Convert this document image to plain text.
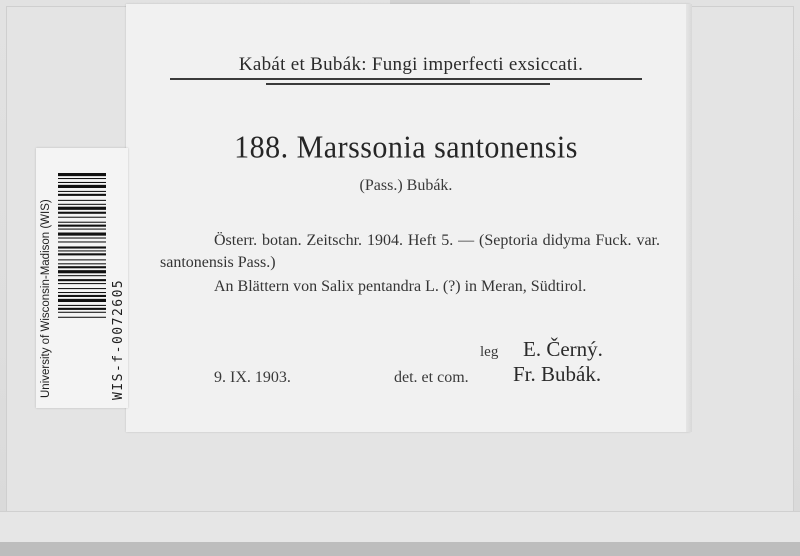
Kabát et Bubák: Fungi imperfecti exsiccati.
188. Marssonia santonensis
(Pass.) Bubák.
Österr. botan. Zeitschr. 1904. Heft 5. — (Septoria didyma Fuck. var. santonensis Pass.)
An Blättern von Salix pentandra L. (?) in Meran, Südtirol.
leg E. Černý.
9. IX. 1903.	det. et com. Fr. Bubák.
University of Wisconsin-Madison (WIS)	WIS-f-0072605
